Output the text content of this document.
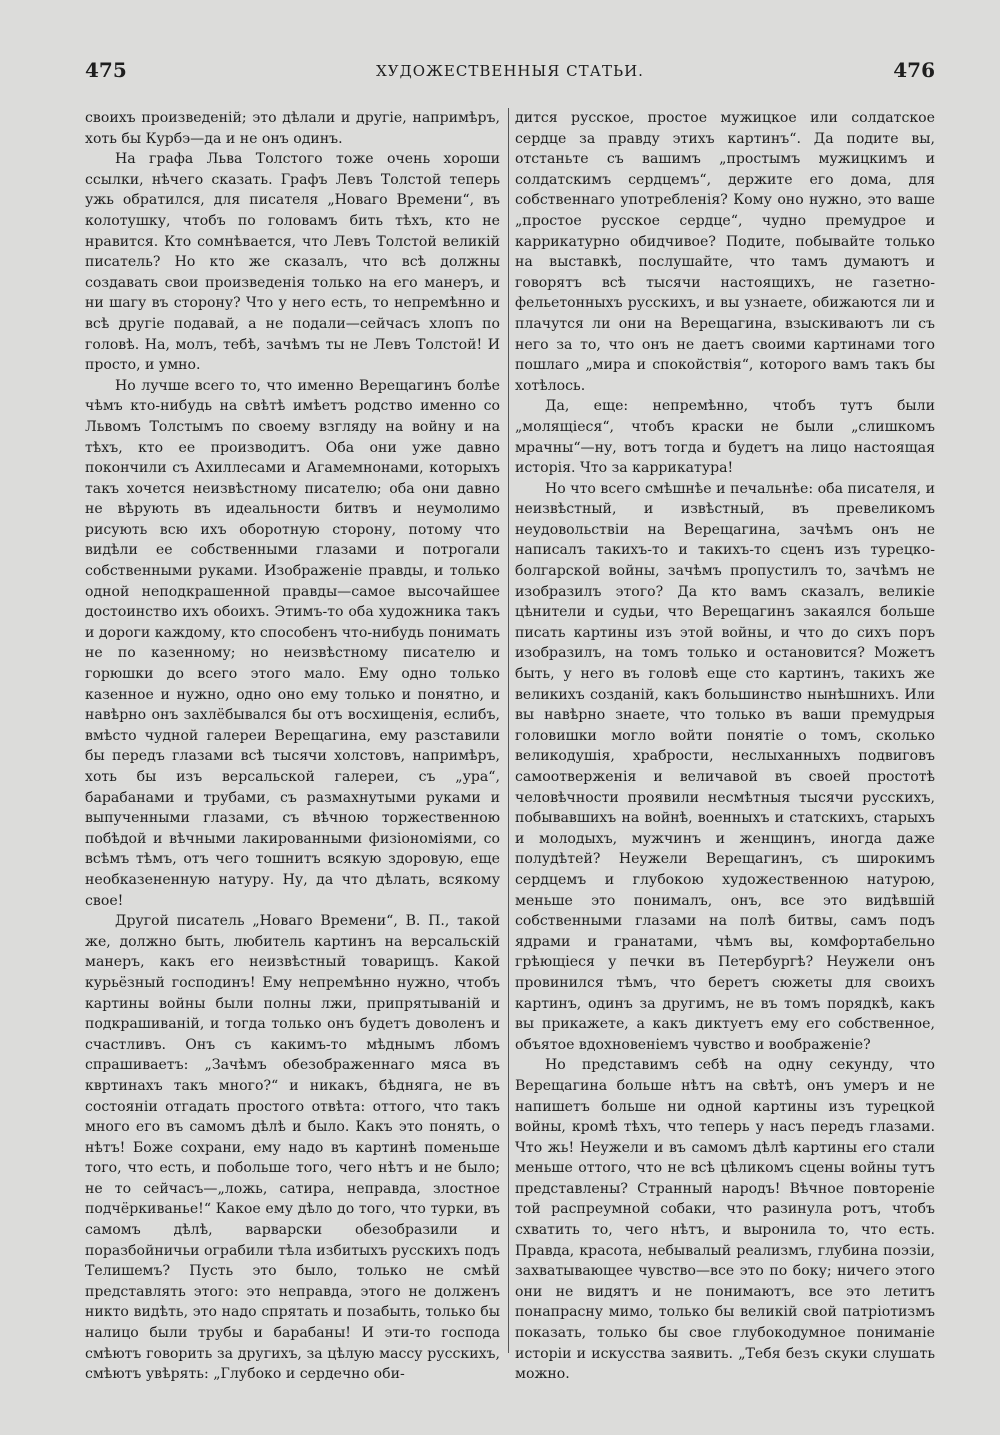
475	ХУДОЖЕСТВЕННЫЯ СТАТЬИ.	476

своихъ произведеній; это дѣлали и другіе, напримѣръ, хоть бы Курбэ—да и не онъ одинъ.

На графа Льва Толстого тоже очень хороши ссылки, нѣчего сказать. Графъ Левъ Толстой теперь ужь обратился, для писателя „Новаго Времени“, въ колотушку, чтобъ по головамъ бить тѣхъ, кто не нравится. Кто сомнѣвается, что Левъ Толстой великій писатель? Но кто же сказалъ, что всѣ должны создавать свои произведенія только на его манеръ, и ни шагу въ сторону? Что у него есть, то непремѣнно и всѣ другіе подавай, а не подали—сейчасъ хлопъ по головѣ. На, молъ, тебѣ, зачѣмъ ты не Левъ Толстой! И просто, и умно.

Но лучше всего то, что именно Верещагинъ болѣе чѣмъ кто-нибудь на свѣтѣ имѣетъ родство именно со Львомъ Толстымъ по своему взгляду на войну и на тѣхъ, кто ее производитъ. Оба они уже давно покончили съ Ахиллесами и Агамемнонами, которыхъ такъ хочется неизвѣстному писателю; оба они давно не вѣрують въ идеальности битвъ и неумолимо рисують всю ихъ оборотную сторону, потому что видѣли ее собственными глазами и потрогали собственными руками. Изображеніе правды, и только одной неподкрашенной правды—самое высочайшее достоинство ихъ обоихъ. Этимъ-то оба художника такъ и дороги каждому, кто способенъ что-нибудь понимать не по казенному; но неизвѣстному писателю и горюшки до всего этого мало. Ему одно только казенное и нужно, одно оно ему только и понятно, и навѣрно онъ захлёбывался бы отъ восхищенія, еслибъ, вмѣсто чудной галереи Верещагина, ему разставили бы передъ глазами всѣ тысячи холстовъ, напримѣръ, хоть бы изъ версальской галереи, съ „ура“, барабанами и трубами, съ размахнутыми руками и выпученными глазами, съ вѣчною торжественною побѣдой и вѣчными лакированными физіономіями, со всѣмъ тѣмъ, отъ чего тошнитъ всякую здоровую, еще необказененную натуру. Ну, да что дѣлать, всякому свое!

Другой писатель „Новаго Времени“, В. П., такой же, должно быть, любитель картинъ на версальскій манеръ, какъ его неизвѣстный товарищъ. Какой курьёзный господинъ! Ему непремѣнно нужно, чтобъ картины войны были полны лжи, припрятываній и подкрашиваній, и тогда только онъ будетъ доволенъ и счастливъ. Онъ съ какимъ-то мѣднымъ лбомъ спрашиваетъ: „Зачѣмъ обезображеннаго мяса въ квртинахъ такъ много?“ и никакъ, бѣдняга, не въ состояніи отгадать простого отвѣта: оттого, что такъ много его въ самомъ дѣлѣ и было. Какъ это понять, о нѣтъ! Боже сохрани, ему надо въ картинѣ поменьше того, что есть, и побольше того, чего нѣтъ и не было; не то сейчасъ—„ложь, сатира, неправда, злостное подчёркиванье!“ Какое ему дѣло до того, что турки, въ самомъ дѣлѣ, варварски обезобразили и поразбойничьи ограбили тѣла избитыхъ русскихъ подъ Телишемъ? Пусть это было, только не смѣй представлять этого: это неправда, этого не долженъ никто видѣть, это надо спрятать и позабыть, только бы налицо были трубы и барабаны! И эти-то господа смѣютъ говорить за другихъ, за цѣлую массу русскихъ, смѣютъ увѣрять: „Глубоко и сердечно оби-

дится русское, простое мужицкое или солдатское сердце за правду этихъ картинъ“. Да подите вы, отстаньте съ вашимъ „простымъ мужицкимъ и солдатскимъ сердцемъ“, держите его дома, для собственнаго употребленія? Кому оно нужно, это ваше „простое русское сердце“, чудно премудрое и каррикатурно обидчивое? Подите, побывайте только на выставкѣ, послушайте, что тамъ думаютъ и говорятъ всѣ тысячи настоящихъ, не газетно-фельетонныхъ русскихъ, и вы узнаете, обижаются ли и плачутся ли они на Верещагина, взыскиваютъ ли съ него за то, что онъ не даетъ своими картинами того пошлаго „мира и спокойствія“, которого вамъ такъ бы хотѣлось.

Да, еще: непремѣнно, чтобъ тутъ были „молящіеся“, чтобъ краски не были „слишкомъ мрачны“—ну, вотъ тогда и будетъ на лицо настоящая исторія. Что за каррикатура!

Но что всего смѣшнѣе и печальнѣе: оба писателя, и неизвѣстный, и извѣстный, въ превеликомъ неудовольствіи на Верещагина, зачѣмъ онъ не написалъ такихъ-то и такихъ-то сценъ изъ турецко-болгарской войны, зачѣмъ пропустилъ то, зачѣмъ не изобразилъ этого? Да кто вамъ сказалъ, великіе цѣнители и судьи, что Верещагинъ закаялся больше писать картины изъ этой войны, и что до сихъ поръ изобразилъ, на томъ только и остановится? Можетъ быть, у него въ головѣ еще сто картинъ, такихъ же великихъ созданій, какъ большинство нынѣшнихъ. Или вы навѣрно знаете, что только въ ваши премудрыя головишки могло войти понятіе о томъ, сколько великодушія, храбрости, неслыханныхъ подвиговъ самоотверженія и величавой въ своей простотѣ человѣчности проявили несмѣтныя тысячи русскихъ, побывавшихъ на войнѣ, военныхъ и статскихъ, старыхъ и молодыхъ, мужчинъ и женщинъ, иногда даже полудѣтей? Неужели Верещагинъ, съ широкимъ сердцемъ и глубокою художественною натурою, меньше это понималъ, онъ, все это видѣвшій собственными глазами на полѣ битвы, самъ подъ ядрами и гранатами, чѣмъ вы, комфортабельно грѣющіеся у печки въ Петербургѣ? Неужели онъ провинился тѣмъ, что беретъ сюжеты для своихъ картинъ, одинъ за другимъ, не въ томъ порядкѣ, какъ вы прикажете, а какъ диктуетъ ему его собственное, объятое вдохновеніемъ чувство и воображеніе?

Но представимъ себѣ на одну секунду, что Верещагина больше нѣтъ на свѣтѣ, онъ умеръ и не напишетъ больше ни одной картины изъ турецкой войны, кромѣ тѣхъ, что теперь у насъ передъ глазами. Что жь! Неужели и въ самомъ дѣлѣ картины его стали меньше оттого, что не всѣ цѣликомъ сцены войны тутъ представлены? Странный народъ! Вѣчное повтореніе той распреумной собаки, что разинула ротъ, чтобъ схватить то, чего нѣтъ, и выронила то, что есть. Правда, красота, небывалый реализмъ, глубина поэзіи, захватывающее чувство—все это по боку; ничего этого они не видятъ и не понимаютъ, все это летитъ понапрасну мимо, только бы великій свой патріотизмъ показать, только бы свое глубокодумное пониманіе исторіи и искусства заявить. „Тебя безъ скуки слушать можно.
